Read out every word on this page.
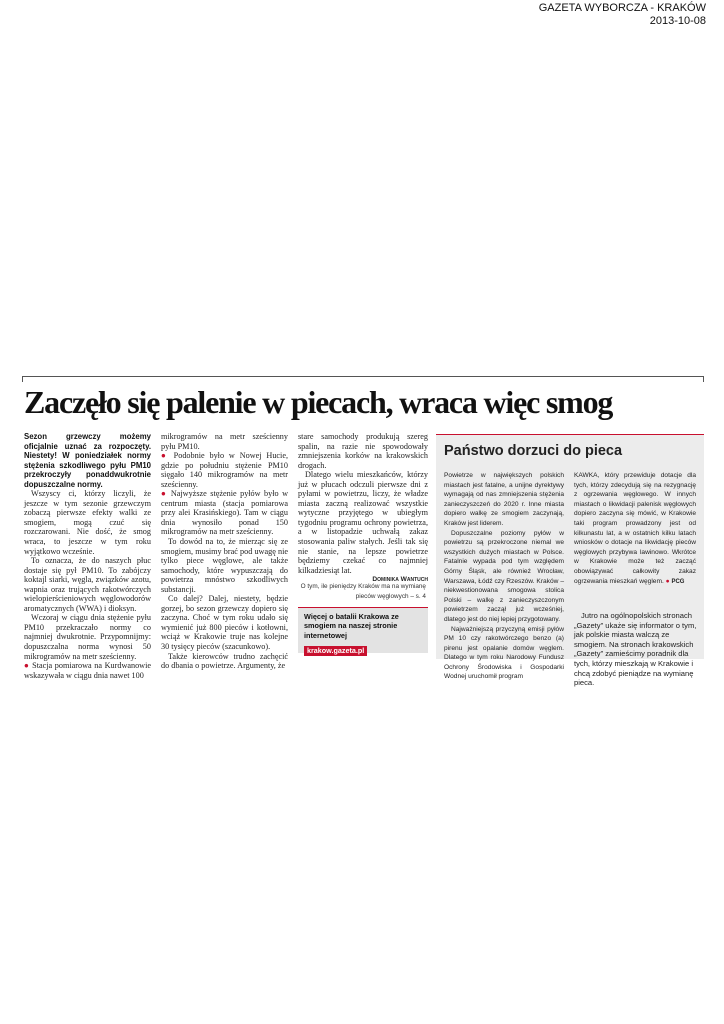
GAZETA WYBORCZA - KRAKÓW
2013-10-08
Zaczęło się palenie w piecach, wraca więc smog

Sezon grzewczy możemy oficjalnie uznać za rozpoczęty. Niestety! W poniedziałek normy stężenia szkodliwego pyłu PM10 przekroczyły ponaddwukrotnie dopuszczalne normy.

Wszyscy ci, którzy liczyli, że jeszcze w tym sezonie grzewczym zobaczą pierwsze efekty walki ze smogiem, mogą czuć się rozczarowani. Nie dość, że smog wraca, to jeszcze w tym roku wyjątkowo wcześnie.

To oznacza, że do naszych płuc dostaje się pył PM10. To zabójczy koktajl siarki, węgla, związków azotu, wapnia oraz trujących rakotwórczych wielopierścieniowych węglowodorów aromatycznych (WWA) i dioksyn.

Wczoraj w ciągu dnia stężenie pyłu PM10 przekraczało normy co najmniej dwukrotnie. Przypomnijmy: dopuszczalna norma wynosi 50 mikrogramów na metr sześcienny.

● Stacja pomiarowa na Kurdwanowie wskazywała w ciągu dnia nawet 100

mikrogramów na metr sześcienny pyłu PM10.

● Podobnie było w Nowej Hucie, gdzie po południu stężenie PM10 sięgało 140 mikrogramów na metr sześcienny.

● Najwyższe stężenie pyłów było w centrum miasta (stacja pomiarowa przy alei Krasińskiego). Tam w ciągu dnia wynosiło ponad 150 mikrogramów na metr sześcienny.

To dowód na to, że mierząc się ze smogiem, musimy brać pod uwagę nie tylko piece węglowe, ale także samochody, które wypuszczają do powietrza mnóstwo szkodliwych substancji.

Co dalej? Dalej, niestety, będzie gorzej, bo sezon grzewczy dopiero się zaczyna. Choć w tym roku udało się wymienić już 800 pieców i kotłowni, wciąż w Krakowie truje nas kolejne 30 tysięcy pieców (szacunkowo).

Także kierowców trudno zachęcić do dbania o powietrze. Argumenty, że

stare samochody produkują szereg spalin, na razie nie spowodowały zmniejszenia korków na krakowskich drogach.

Dlatego wielu mieszkańców, którzy już w płucach odczuli pierwsze dni z pyłami w powietrzu, liczy, że władze miasta zaczną realizować wszystkie wytyczne przyjętego w ubiegłym tygodniu programu ochrony powietrza, a w listopadzie uchwałą zakaz stosowania paliw stałych. Jeśli tak się nie stanie, na lepsze powietrze będziemy czekać co najmniej kilkadziesiąt lat.

Dominika Wantuch

O tym, ile pieniędzy Kraków ma na wymianę pieców węglowych – s. 4

Więcej o batalii Krakowa ze smogiem na naszej stronie internetowej

krakow.gazeta.pl
Państwo dorzuci do pieca

Powietrze w największych polskich miastach jest fatalne, a unijne dyrektywy wymagają od nas zmniejszenia stężenia zanieczyszczeń do 2020 r. Inne miasta dopiero walkę ze smogiem zaczynają, Kraków jest liderem.

Dopuszczalne poziomy pyłów w powietrzu są przekroczone niemal we wszystkich dużych miastach w Polsce. Fatalnie wypada pod tym względem Górny Śląsk, ale również Wrocław, Warszawa, Łódź czy Rzeszów. Kraków – niekwestionowana smogowa stolica Polski – walkę z zanieczyszczonym powietrzem zaczął już wcześniej, dlatego jest do niej lepiej przygotowany.

Najważniejszą przyczyną emisji pyłów PM 10 czy rakotwórczego benzo (a) pirenu jest opalanie domów węglem. Dlatego w tym roku Narodowy Fundusz Ochrony Środowiska i Gospodarki Wodnej uruchomił program

KAWKA, który przewiduje dotacje dla tych, którzy zdecydują się na rezygnację z ogrzewania węglowego. W innych miastach o likwidacji palenisk węglowych dopiero zaczyna się mówić, w Krakowie taki program prowadzony jest od kilkunastu lat, a w ostatnich kilku latach wniosków o dotacje na likwidację pieców węglowych przybywa lawinowo. Wkrótce w Krakowie może też zacząć obowiązywać całkowity zakaz ogrzewania mieszkań węglem. ● PCG

Jutro na ogólnopolskich stronach „Gazety” ukaże się informator o tym, jak polskie miasta walczą ze smogiem. Na stronach krakowskich „Gazety” zamieścimy poradnik dla tych, którzy mieszkają w Krakowie i chcą zdobyć pieniądze na wymianę pieca.
